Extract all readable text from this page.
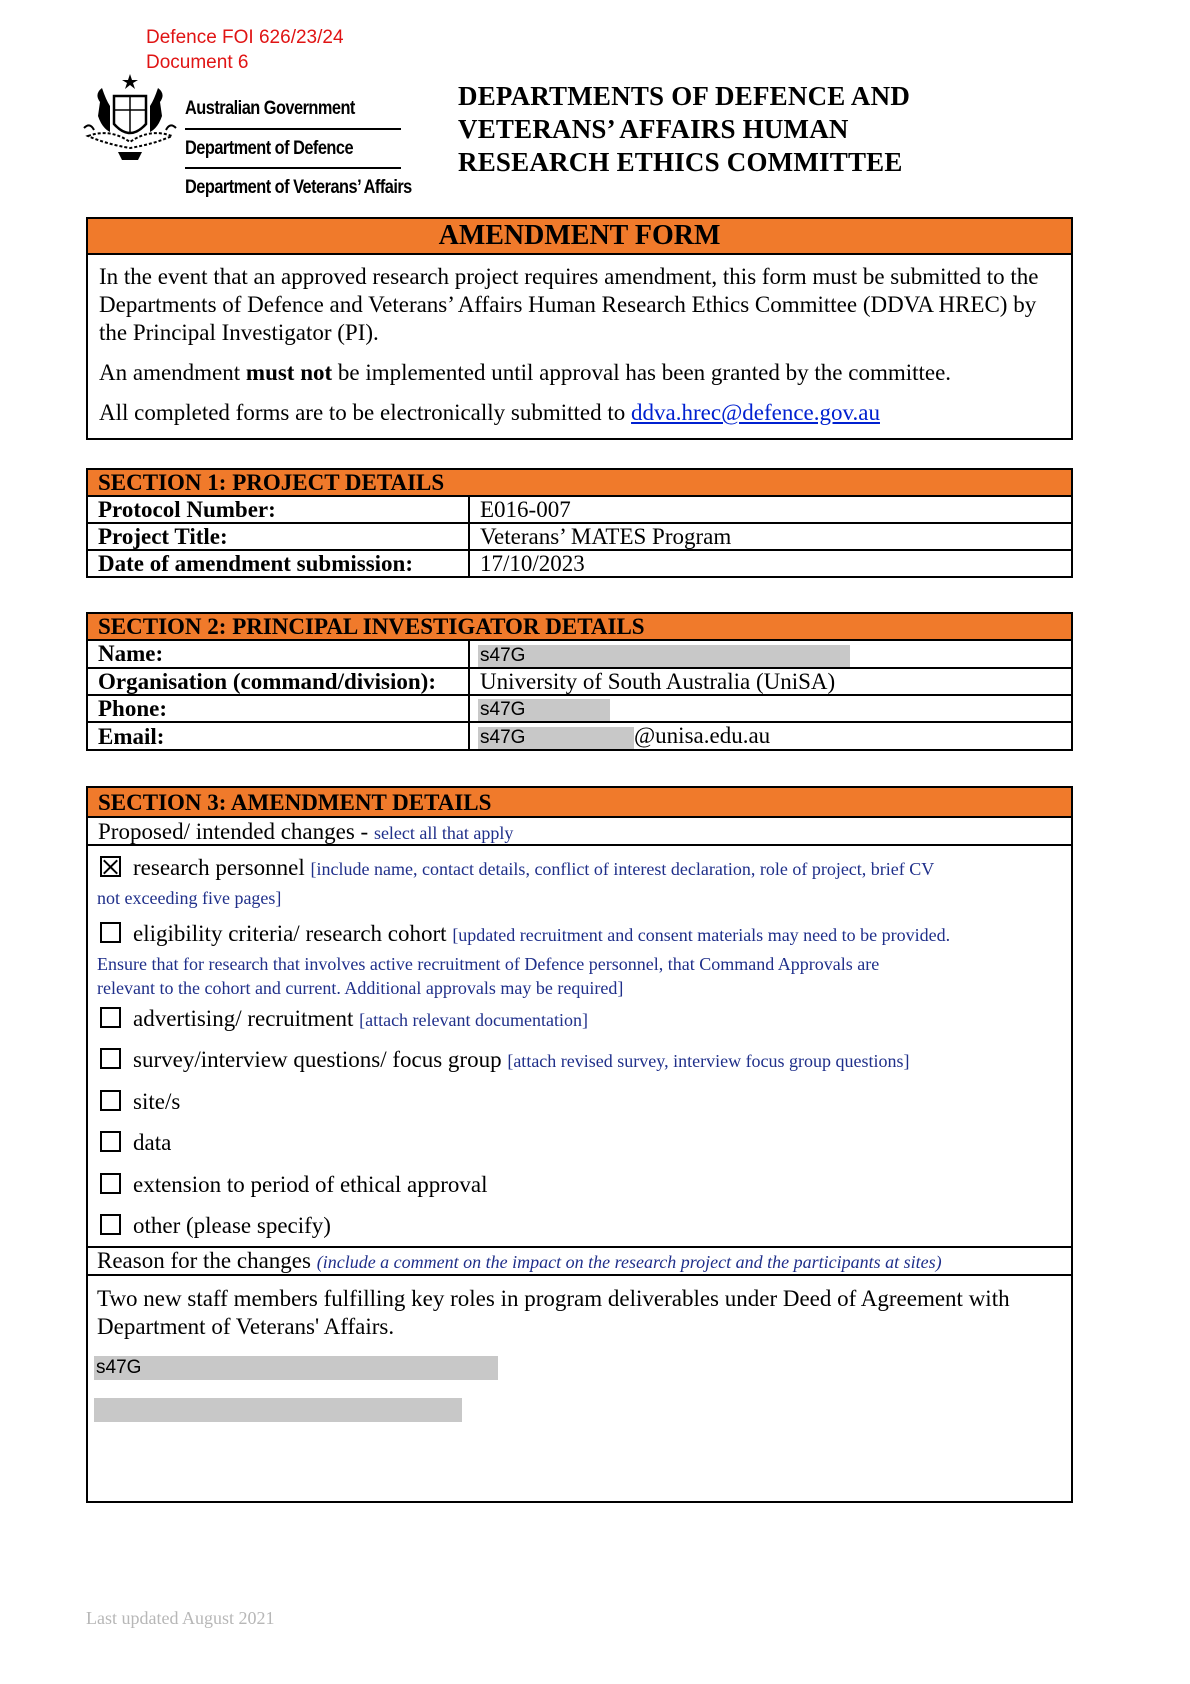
Defence FOI 626/23/24
Document 6
Australian Government
Department of Defence
Department of Veterans’ Affairs
DEPARTMENTS OF DEFENCE AND
VETERANS’ AFFAIRS HUMAN
RESEARCH ETHICS COMMITTEE
AMENDMENT FORM

In the event that an approved research project requires amendment, this form must be submitted to the Departments of Defence and Veterans’ Affairs Human Research Ethics Committee (DDVA HREC) by the Principal Investigator (PI).

An amendment must not be implemented until approval has been granted by the committee.

All completed forms are to be electronically submitted to ddva.hrec@defence.gov.au

SECTION 1: PROJECT DETAILS	
Protocol Number:	E016-007
Project Title:	Veterans’ MATES Program
Date of amendment submission:	17/10/2023
SECTION 2: PRINCIPAL INVESTIGATOR DETAILS	
Name:	s47G
Organisation (command/division):	University of South Australia (UniSA)
Phone:	s47G
Email:	s47G @unisa.edu.au
SECTION 3: AMENDMENT DETAILS
Proposed/ intended changes - select all that apply
research personnel [include name, contact details, conflict of interest declaration, role of project, brief CV
not exceeding five pages]
eligibility criteria/ research cohort [updated recruitment and consent materials may need to be provided.
Ensure that for research that involves active recruitment of Defence personnel, that Command Approvals are
relevant to the cohort and current. Additional approvals may be required]
advertising/ recruitment [attach relevant documentation]
survey/interview questions/ focus group [attach revised survey, interview focus group questions]
site/s
data
extension to period of ethical approval
other (please specify)
Reason for the changes (include a comment on the impact on the research project and the participants at sites)
Two new staff members fulfilling key roles in program deliverables under Deed of Agreement with Department of Veterans' Affairs.
s47G
Last updated August 2021
